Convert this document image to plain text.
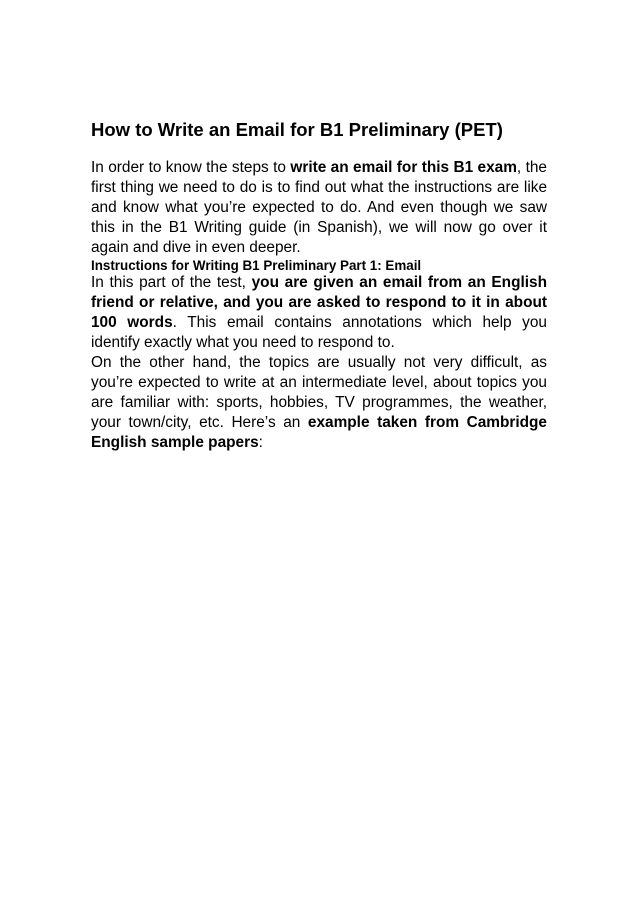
How to Write an Email for B1 Preliminary (PET)

In order to know the steps to write an email for this B1 exam, the first thing we need to do is to find out what the instructions are like and know what you’re expected to do. And even though we saw this in the B1 Writing guide (in Spanish), we will now go over it again and dive in even deeper.

Instructions for Writing B1 Preliminary Part 1: Email

In this part of the test, you are given an email from an English friend or relative, and you are asked to respond to it in about 100 words. This email contains annotations which help you identify exactly what you need to respond to.

On the other hand, the topics are usually not very difficult, as you’re expected to write at an intermediate level, about topics you are familiar with: sports, hobbies, TV programmes, the weather, your town/city, etc. Here’s an example taken from Cambridge English sample papers:
